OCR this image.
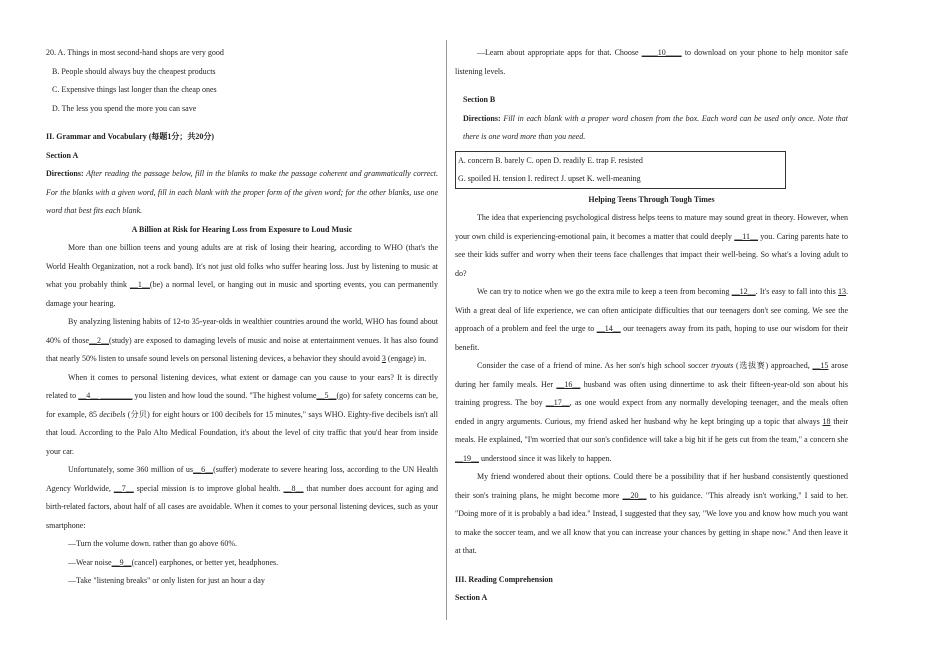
20. A. Things in most second-hand shops are very good

B. People should always buy the cheapest products

C. Expensive things last longer than the cheap ones

D. The less you spend the more you can save

II. Grammar and Vocabulary (每题1分；共20分)

Section A

Directions: After reading the passage below, fill in the blanks to make the passage coherent and grammatically correct. For the blanks with a given word, fill in each blank with the proper form of the given word; for the other blanks, use one word that best fits each blank.

A Billion at Risk for Hearing Loss from Exposure to Loud Music

More than one billion teens and young adults are at risk of losing their hearing, according to WHO (that's the World Health Organization, not a rock band). It's not just old folks who suffer hearing loss. Just by listening to music at what you probably think __1__(be) a normal level, or hanging out in music and sporting events, you can permanently damage your hearing.

By analyzing listening habits of 12-to 35-year-olds in wealthier countries around the world, WHO has found about 40% of those__2__(study) are exposed to damaging levels of music and noise at entertainment venues. It has also found that nearly 50% listen to unsafe sound levels on personal listening devices, a behavior they should avoid 3 (engage) in.

When it comes to personal listening devices, what extent or damage can you cause to your ears? It is directly related to __4__ ________ you listen and how loud the sound. "The highest volume__5__(go) for safety concerns can be, for example, 85 decibels (分贝) for eight hours or 100 decibels for 15 minutes," says WHO. Eighty-five decibels isn't all that loud. According to the Palo Alto Medical Foundation, it's about the level of city traffic that you'd hear from inside your car.

Unfortunately, some 360 million of us__6__(suffer) moderate to severe hearing loss, according to the UN Health Agency Worldwide, __7__ special mission is to improve global health. __8__ that number does account for aging and birth-related factors, about half of all cases are avoidable. When it comes to your personal listening devices, such as your smartphone:

—Turn the volume down. rather than go above 60%.

—Wear noise__9__(cancel) earphones, or better yet, headphones.

—Take "listening breaks" or only listen for just an hour a day

—Learn about appropriate apps for that. Choose ____10____ to download on your phone to help monitor safe listening levels.

Section B

Directions: Fill in each blank with a proper word chosen from the box. Each word can be used only once. Note that there is one word more than you need.

A. concern B. barely C. open D. readily E. trap F. resisted

G. spoiled H. tension I. redirect J. upset K. well-meaning

Helping Teens Through Tough Times

The idea that experiencing psychological distress helps teens to mature may sound great in theory. However, when your own child is experiencing-emotional pain, it becomes a matter that could deeply __11__ you. Caring parents hate to see their kids suffer and worry when their teens face challenges that impact their well-being. So what's a loving adult to do?

We can try to notice when we go the extra mile to keep a teen from becoming __12__. It's easy to fall into this 13. With a great deal of life experience, we can often anticipate difficulties that our teenagers don't see coming. We see the approach of a problem and feel the urge to __14__ our teenagers away from its path, hoping to use our wisdom for their benefit.

Consider the case of a friend of mine. As her son's high school soccer tryouts (选拔赛) approached, __15 arose during her family meals. Her __16__ husband was often using dinnertime to ask their fifteen-year-old son about his training progress. The boy __17__, as one would expect from any normally developing teenager, and the meals often ended in angry arguments. Curious, my friend asked her husband why he kept bringing up a topic that always 18 their meals. He explained, "I'm worried that our son's confidence will take a big hit if he gets cut from the team," a concern she __19__ understood since it was likely to happen.

My friend wondered about their options. Could there be a possibility that if her husband consistently questioned their son's training plans, he might become more __20__ to his guidance. "This already isn't working," I said to her. "Doing more of it is probably a bad idea." Instead, I suggested that they say, "We love you and know how much you want to make the soccer team, and we all know that you can increase your chances by getting in shape now." And then leave it at that.

III. Reading Comprehension

Section A
